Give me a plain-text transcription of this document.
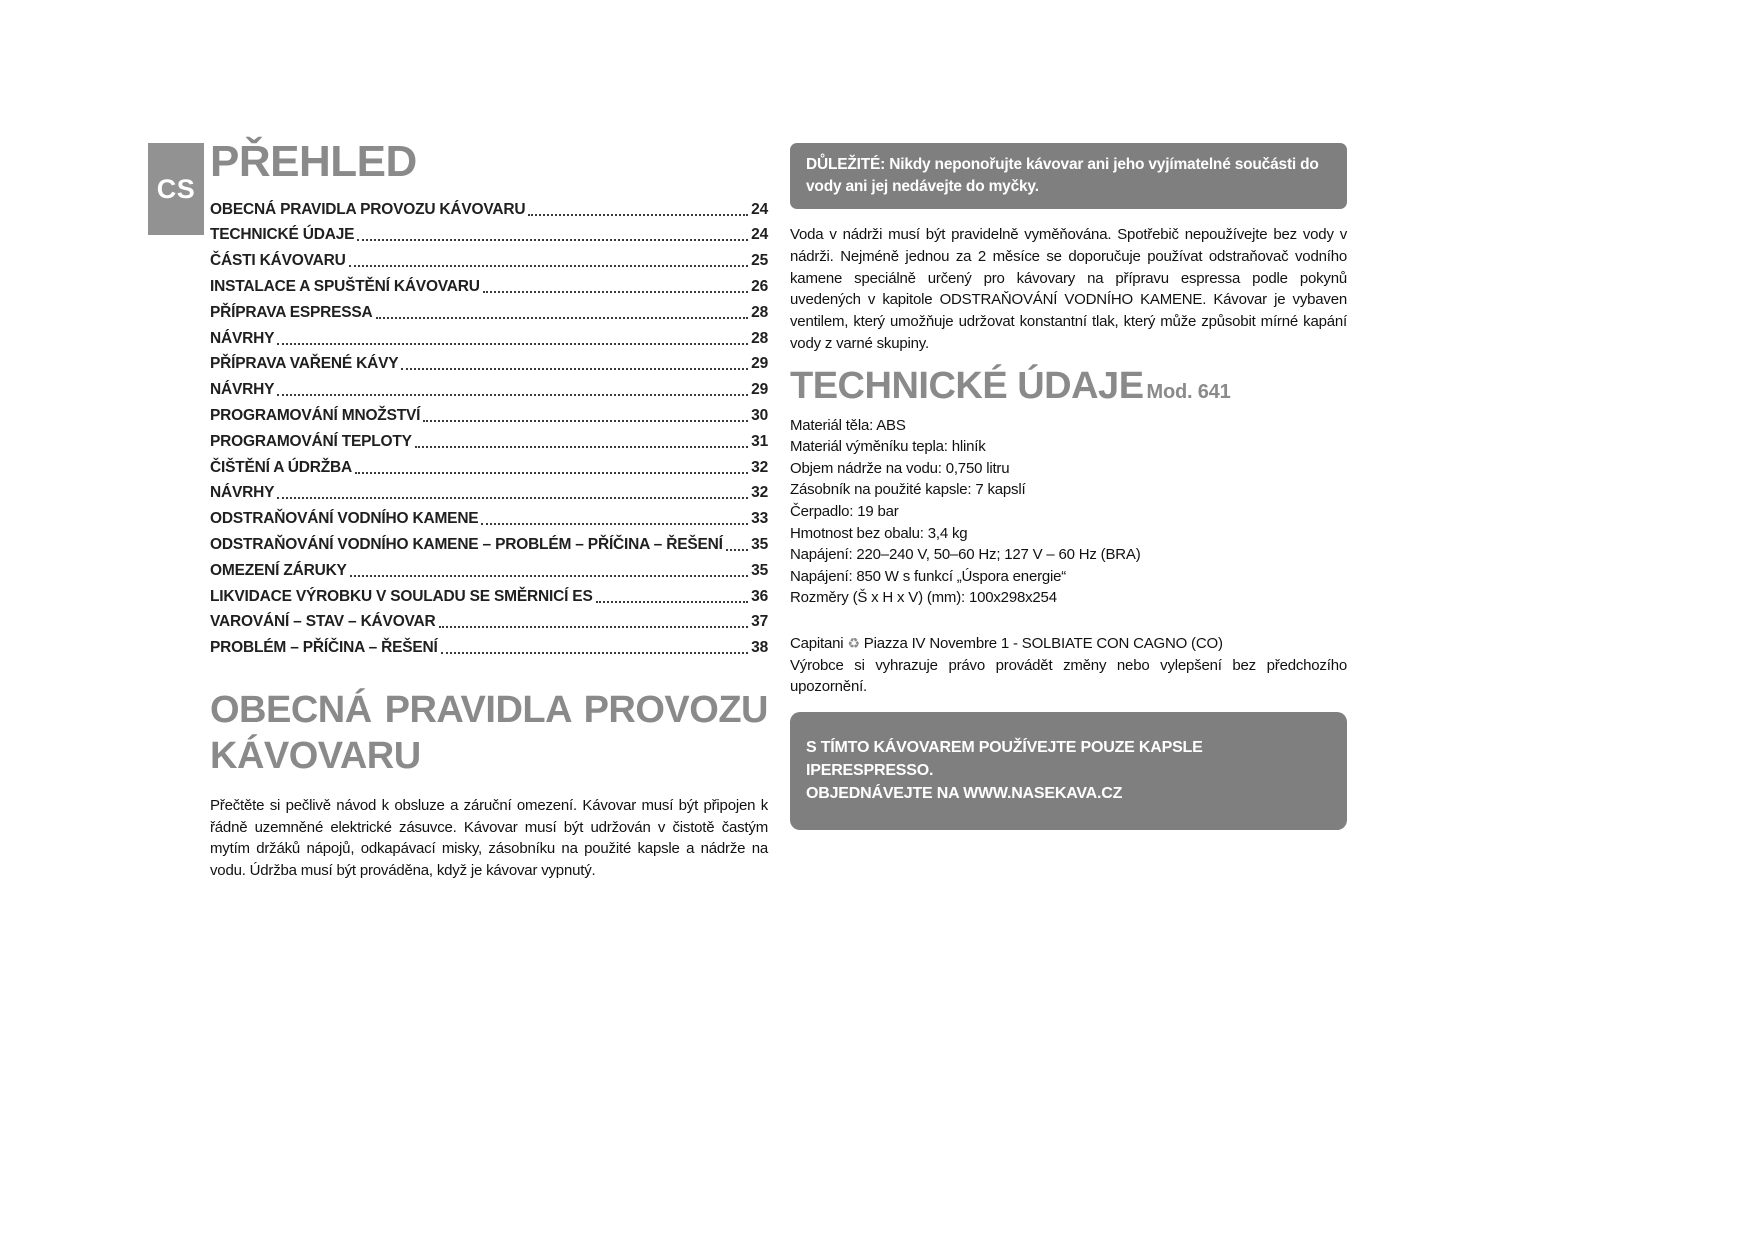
CS
PŘEHLED
OBECNÁ PRAVIDLA PROVOZU KÁVOVARU	24
TECHNICKÉ ÚDAJE	24
ČÁSTI KÁVOVARU	25
INSTALACE A SPUŠTĚNÍ KÁVOVARU	26
PŘÍPRAVA ESPRESSA	28
NÁVRHY	28
PŘÍPRAVA VAŘENÉ KÁVY	29
NÁVRHY	29
PROGRAMOVÁNÍ MNOŽSTVÍ	30
PROGRAMOVÁNÍ TEPLOTY	31
ČIŠTĚNÍ A ÚDRŽBA	32
NÁVRHY	32
ODSTRAŇOVÁNÍ VODNÍHO KAMENE	33
ODSTRAŇOVÁNÍ VODNÍHO KAMENE – PROBLÉM – PŘÍČINA – ŘEŠENÍ 35
OMEZENÍ ZÁRUKY	35
LIKVIDACE VÝROBKU V SOULADU SE SMĚRNICÍ ES	36
VAROVÁNÍ – STAV – KÁVOVAR	37
PROBLÉM – PŘÍČINA – ŘEŠENÍ	38
OBECNÁ PRAVIDLA PROVOZU KÁVOVARU
Přečtěte si pečlivě návod k obsluze a záruční omezení. Kávovar musí být připojen k řádně uzemněné elektrické zásuvce. Kávovar musí být udržován v čistotě častým mytím držáků nápojů, odkapávací misky, zásobníku na použité kapsle a nádrže na vodu. Údržba musí být prováděna, když je kávovar vypnutý.
DŮLEŽITÉ: Nikdy neponořujte kávovar ani jeho vyjímatelné součásti do vody ani jej nedávejte do myčky.
Voda v nádrži musí být pravidelně vyměňována. Spotřebič nepoužívejte bez vody v nádrži. Nejméně jednou za 2 měsíce se doporučuje používat odstraňovač vodního kamene speciálně určený pro kávovary na přípravu espressa podle pokynů uvedených v kapitole ODSTRAŇOVÁNÍ VODNÍHO KAMENE. Kávovar je vybaven ventilem, který umožňuje udržovat konstantní tlak, který může způsobit mírné kapání vody z varné skupiny.
TECHNICKÉ ÚDAJE Mod. 641
Materiál těla: ABS
Materiál výměníku tepla: hliník
Objem nádrže na vodu: 0,750 litru
Zásobník na použité kapsle: 7 kapslí
Čerpadlo: 19 bar
Hmotnost bez obalu: 3,4 kg
Napájení: 220–240 V, 50–60 Hz; 127 V – 60 Hz (BRA)
Napájení: 850 W s funkcí „Úspora energie“
Rozměry (Š x H x V) (mm): 100x298x254
Capitani ♻ Piazza IV Novembre 1 - SOLBIATE CON CAGNO (CO)
Výrobce si vyhrazuje právo provádět změny nebo vylepšení bez předchozího upozornění.
S TÍMTO KÁVOVAREM POUŽÍVEJTE POUZE KAPSLE IPERESPRESSO.
OBJEDNÁVEJTE NA WWW.NASEKAVA.CZ
